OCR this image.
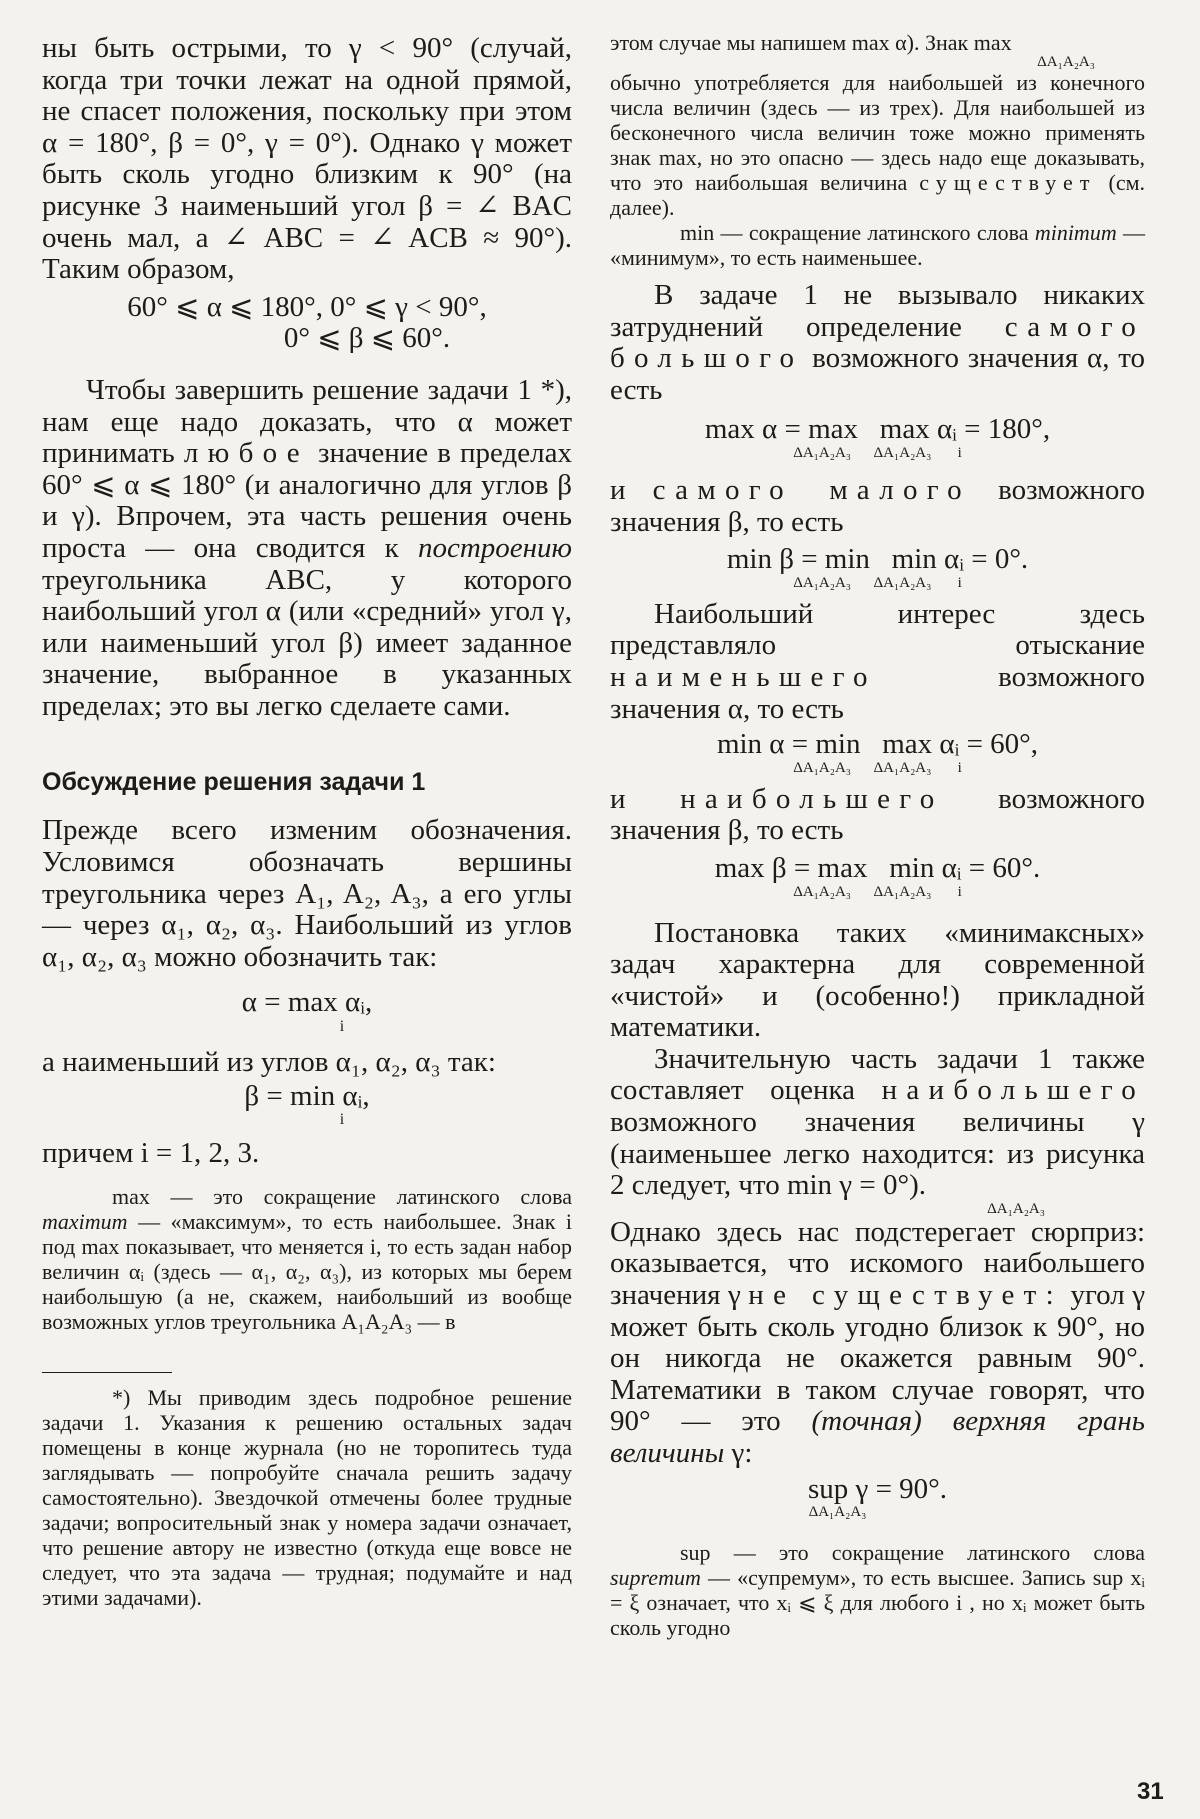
ны быть острыми, то γ < 90° (случай, когда три точки лежат на одной прямой, не спасет положения, поскольку при этом α = 180°, β = 0°, γ = 0°). Однако γ может быть сколь угодно близким к 90° (на рисунке 3 наименьший угол β = ∠ BAC очень мал, а ∠ ABC = ∠ ACB ≈ 90°). Таким образом,

60° ⩽ α ⩽ 180°, 0° ⩽ γ < 90°,

0° ⩽ β ⩽ 60°.

Чтобы завершить решение задачи 1 *), нам еще надо доказать, что α может принимать любое значение в пределах 60° ⩽ α ⩽ 180° (и аналогично для углов β и γ). Впрочем, эта часть решения очень проста — она сводится к построению треугольника ABC, у которого наибольший угол α (или «средний» угол γ, или наименьший угол β) имеет заданное значение, выбранное в указанных пределах; это вы легко сделаете сами.

Обсуждение решения задачи 1

Прежде всего изменим обозначения. Условимся обозначать вершины треугольника через A₁, A₂, A₃, а его углы — через α₁, α₂, α₃. Наибольший из углов α₁, α₂, α₃ можно обозначить так:

α = max αᵢ,

i

а наименьший из углов α₁, α₂, α₃ так:

β = min αᵢ,

i

причем i = 1, 2, 3.

max — это сокращение латинского слова maximum — «максимум», то есть наибольшее. Знак i под max показывает, что меняется i, то есть задан набор величин αᵢ (здесь — α₁, α₂, α₃), из которых мы берем наибольшую (а не, скажем, наибольший из вообще возможных углов треугольника A₁A₂A₃ — в

*) Мы приводим здесь подробное решение задачи 1. Указания к решению остальных задач помещены в конце журнала (но не торопитесь туда заглядывать — попробуйте сначала решить задачу самостоятельно). Звездочкой отмечены более трудные задачи; вопросительный знак у номера задачи означает, что решение автору не известно (откуда еще вовсе не следует, что эта задача — трудная; подумайте и над этими задачами).

этом случае мы напишем max α). Знак max

ΔA₁A₂A₃

обычно употребляется для наибольшей из конечного числа величин (здесь — из трех). Для наибольшей из бесконечного числа величин тоже можно применять знак max, но это опасно — здесь надо еще доказывать, что это наибольшая величина существует (см. далее).

min — сокращение латинского слова minimum — «минимум», то есть наименьшее.

В задаче 1 не вызывало никаких затруднений определение самого большого возможного значения α, то есть

max α = max   max αᵢ = 180°,

ΔA₁A₂A₃      ΔA₁A₂A₃       i

и самого малого возможного значения β, то есть

min β = min   min αᵢ = 0°.

ΔA₁A₂A₃      ΔA₁A₂A₃       i

Наибольший интерес здесь представляло отыскание наименьшего	возможного значения α, то есть

min α = min   max αᵢ = 60°,

ΔA₁A₂A₃      ΔA₁A₂A₃       i

и наибольшего возможного значения β, то есть

max β = max   min αᵢ = 60°.

ΔA₁A₂A₃      ΔA₁A₂A₃       i

Постановка таких «минимаксных» задач характерна для современной «чистой» и (особенно!) прикладной математики.

Значительную часть задачи 1 также составляет оценка наибольшего возможного значения величины γ (наименьшее легко находится: из рисунка 2 следует, что min γ = 0°).

ΔA₁A₂A₃

Однако здесь нас подстерегает сюрприз: оказывается, что искомого наибольшего значения γ не существует: угол γ может быть сколь угодно близок к 90°, но он никогда не окажется равным 90°. Математики в таком случае говорят, что 90° — это (точная) верхняя грань величины γ:

sup γ = 90°.

ΔA₁A₂A₃

sup — это сокращение латинского слова supremum — «супремум», то есть высшее. Запись sup xᵢ = ξ означает, что xᵢ ⩽ ξ для любого i , но xᵢ может быть сколь угодно

31
